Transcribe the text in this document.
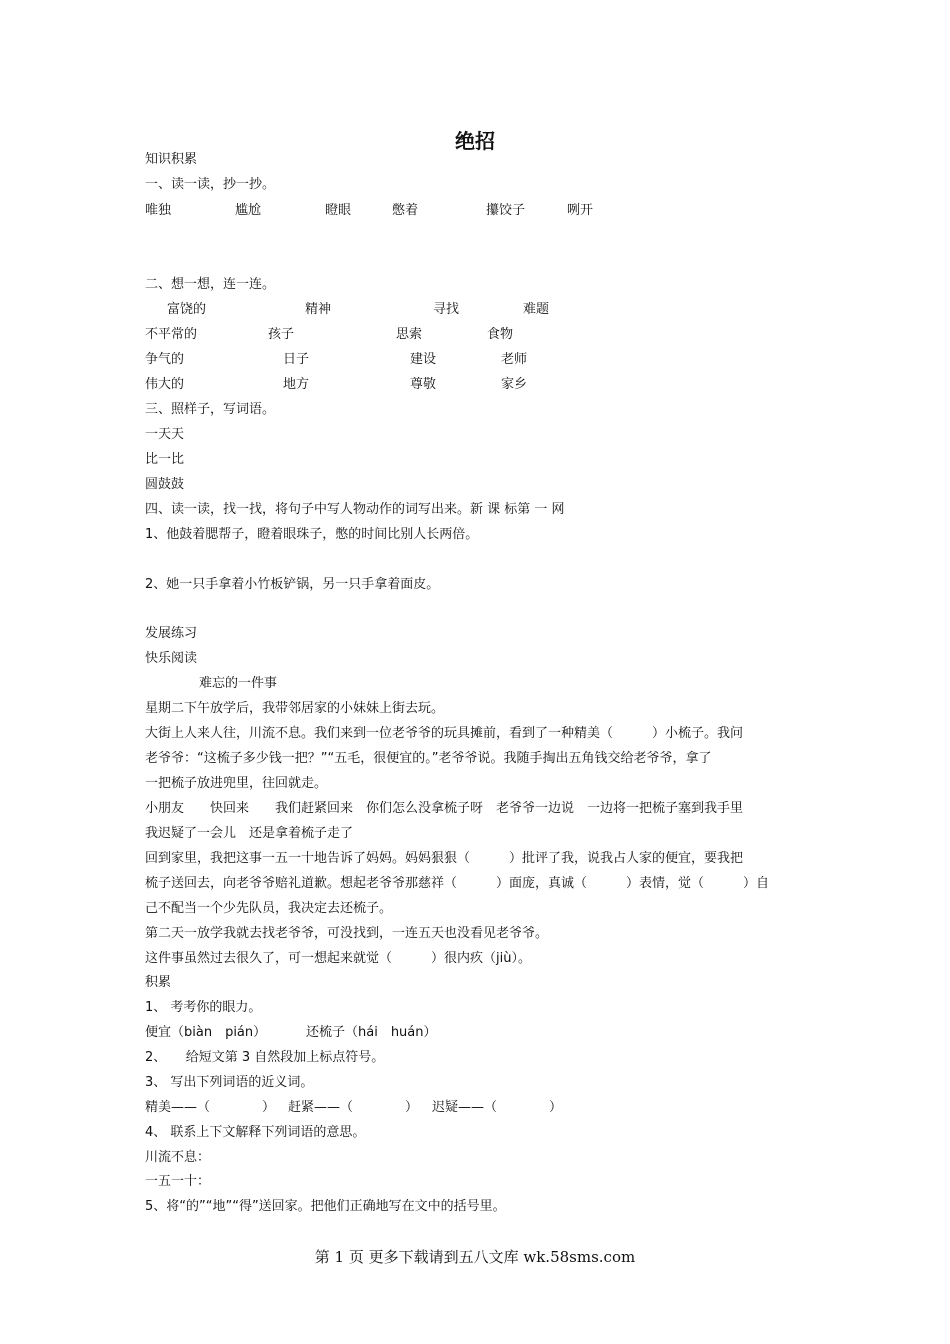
绝招
知识积累
一、读一读，抄一抄。
唯独	尴尬	瞪眼	憋着	攥饺子	咧开
二、想一想，连一连。
富饶的	精神	寻找	难题
不平常的	孩子	思索	食物
争气的	日子	建设	老师
伟大的	地方	尊敬	家乡
三、照样子，写词语。
一天天
比一比
圆鼓鼓
四、读一读，找一找，将句子中写人物动作的词写出来。新 课 标第 一 网
1、他鼓着腮帮子，瞪着眼珠子，憋的时间比别人长两倍。
2、她一只手拿着小竹板铲锅，另一只手拿着面皮。
发展练习
快乐阅读
难忘的一件事
星期二下午放学后，我带邻居家的小妹妹上街去玩。
大街上人来人往，川流不息。我们来到一位老爷爷的玩具摊前，看到了一种精美（　　　）小梳子。我问
老爷爷：“这梳子多少钱一把？”“五毛，很便宜的。”老爷爷说。我随手掏出五角钱交给老爷爷，拿了
一把梳子放进兜里，往回就走。
小朋友　　快回来　　我们赶紧回来　你们怎么没拿梳子呀　老爷爷一边说　一边将一把梳子塞到我手里
我迟疑了一会儿　还是拿着梳子走了
回到家里，我把这事一五一十地告诉了妈妈。妈妈狠狠（　　　）批评了我，说我占人家的便宜，要我把
梳子送回去，向老爷爷赔礼道歉。想起老爷爷那慈祥（　　　）面庞，真诚（　　　）表情，觉（　　　）自
己不配当一个少先队员，我决定去还梳子。
第二天一放学我就去找老爷爷，可没找到，一连五天也没看见老爷爷。
这件事虽然过去很久了，可一想起来就觉（　　　）很内疚（jiù）。
积累
1、 考考你的眼力。
便宜（biàn　pián）	还梳子（hái　huán）
2、　　给短文第 3 自然段加上标点符号。
3、 写出下列词语的近义词。
精美——（　　　　） 赶紧——（　　　　） 迟疑——（　　　　）
4、 联系上下文解释下列词语的意思。
川流不息：
一五一十：
5、将“的”“地”“得”送回家。把他们正确地写在文中的括号里。
第 1 页 更多下载请到五八文库 wk.58sms.com
